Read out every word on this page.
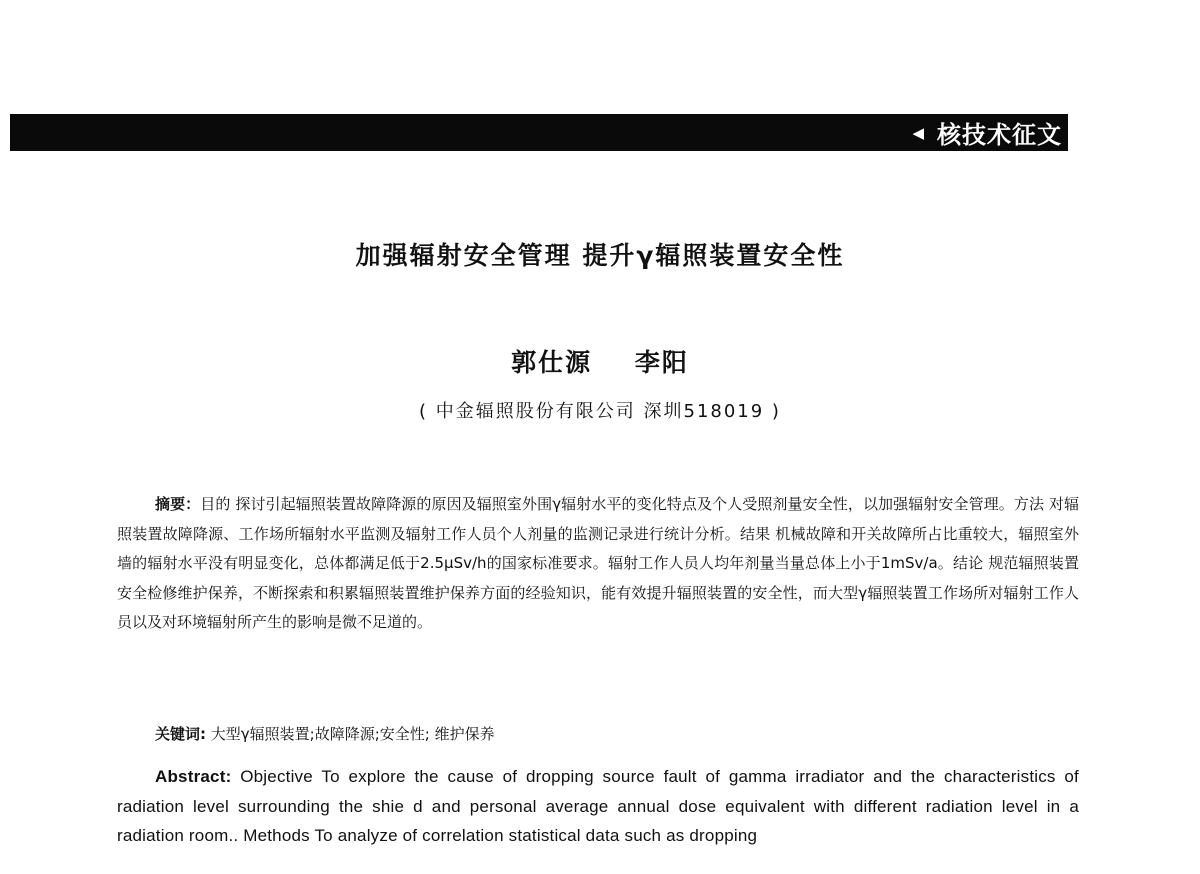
◀ 核技术征文
加强辐射安全管理 提升γ辐照装置安全性
郭仕源 李阳
( 中金辐照股份有限公司 深圳518019 )

摘要：目的 探讨引起辐照装置故障降源的原因及辐照室外围γ辐射水平的变化特点及个人受照剂量安全性，以加强辐射安全管理。方法 对辐照装置故障降源、工作场所辐射水平监测及辐射工作人员个人剂量的监测记录进行统计分析。结果 机械故障和开关故障所占比重较大，辐照室外墙的辐射水平没有明显变化，总体都满足低于2.5μSv/h的国家标准要求。辐射工作人员人均年剂量当量总体上小于1mSv/a。结论 规范辐照装置安全检修维护保养，不断探索和积累辐照装置维护保养方面的经验知识，能有效提升辐照装置的安全性，而大型γ辐照装置工作场所对辐射工作人员以及对环境辐射所产生的影响是微不足道的。

关键词: 大型γ辐照装置;故障降源;安全性; 维护保养

Abstract: Objective To explore the cause of dropping source fault of gamma irradiator and the characteristics of radiation level surrounding the shie d and personal average annual dose equivalent with different radiation level in a radiation room.. Methods To analyze of correlation statistical data such as dropping
